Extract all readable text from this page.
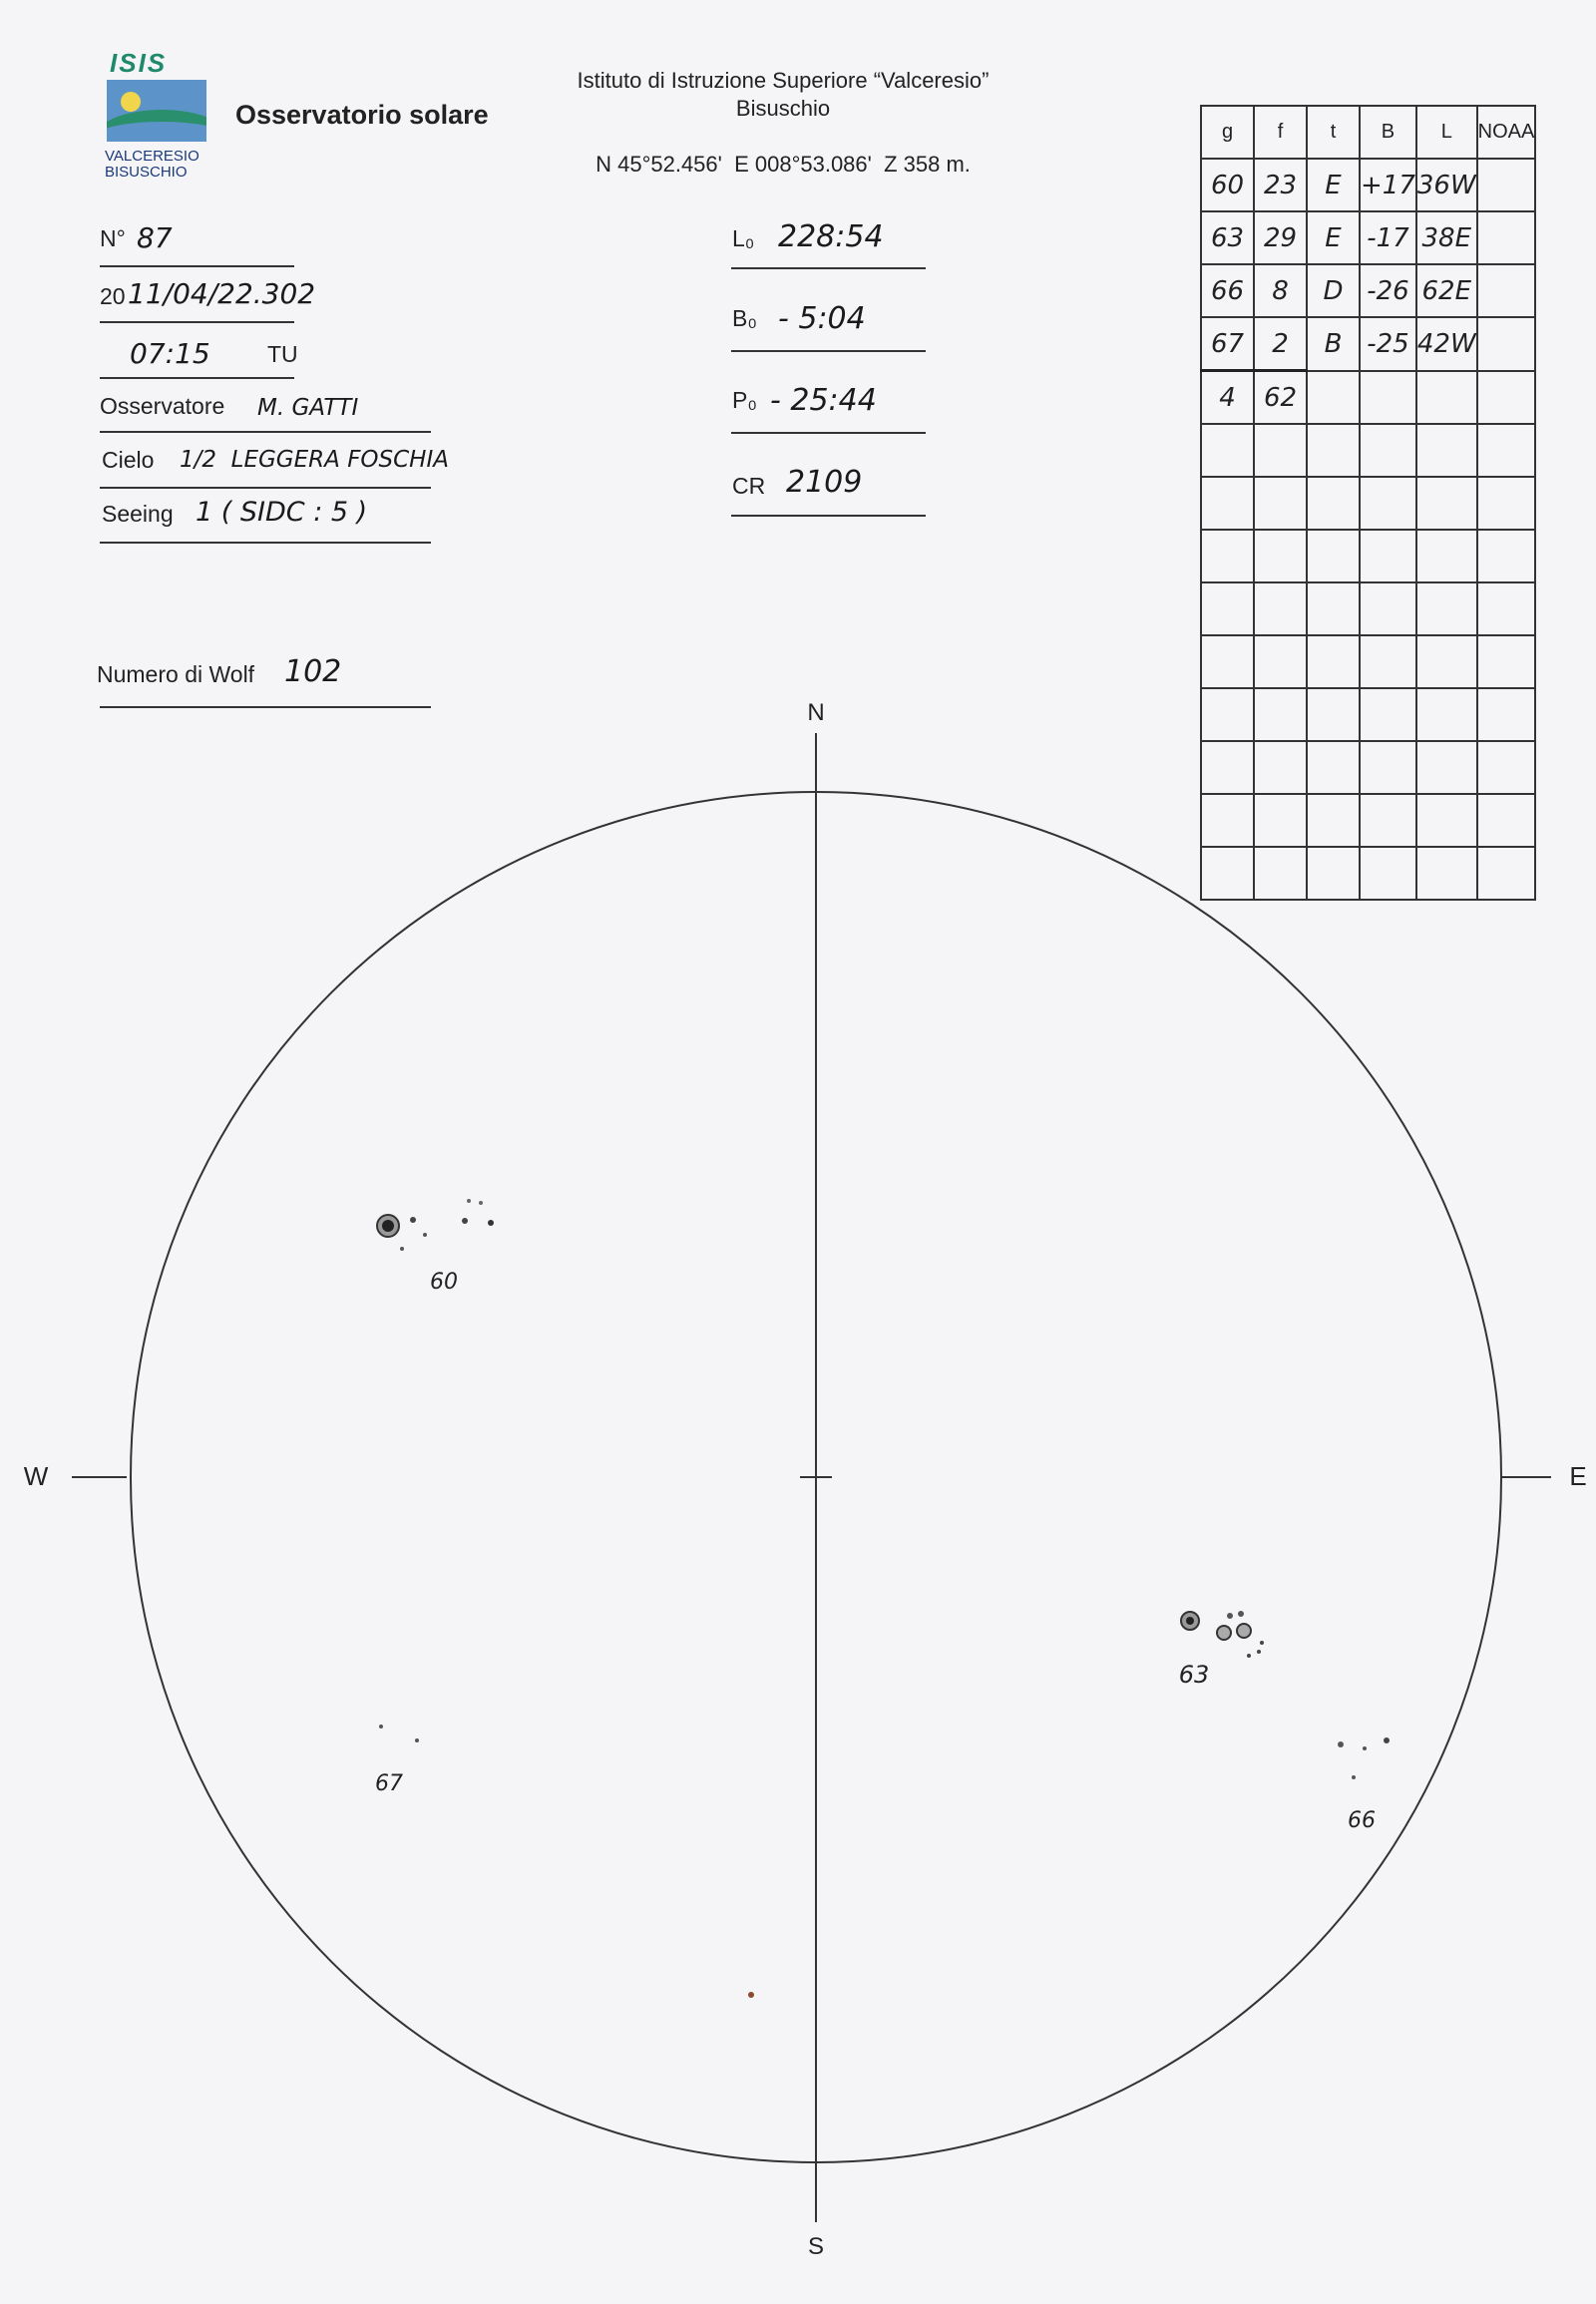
ISIS
VALCERESIO
BISUSCHIO
Osservatorio solare
Istituto di Istruzione Superiore “Valceresio”
Bisuschio
N 45°52.456'  E 008°53.086'  Z 358 m.
N° 87
20 11/04/22.302
07:15 TU
Osservatore M. GATTI
Cielo 1/2  LEGGERA FOSCHIA
Seeing 1 ( SIDC : 5 )
Numero di Wolf 102
L₀ 228:54
B₀ - 5:04
P₀ - 25:44
CR 2109
g	f	t	B	L	NOAA
60	23	E	+17	36W	
63	29	E	-17	38E	
66	8	D	-26	62E	
67	2	B	-25	42W	
4	62				

N
S
W	E
60
63
66
67
